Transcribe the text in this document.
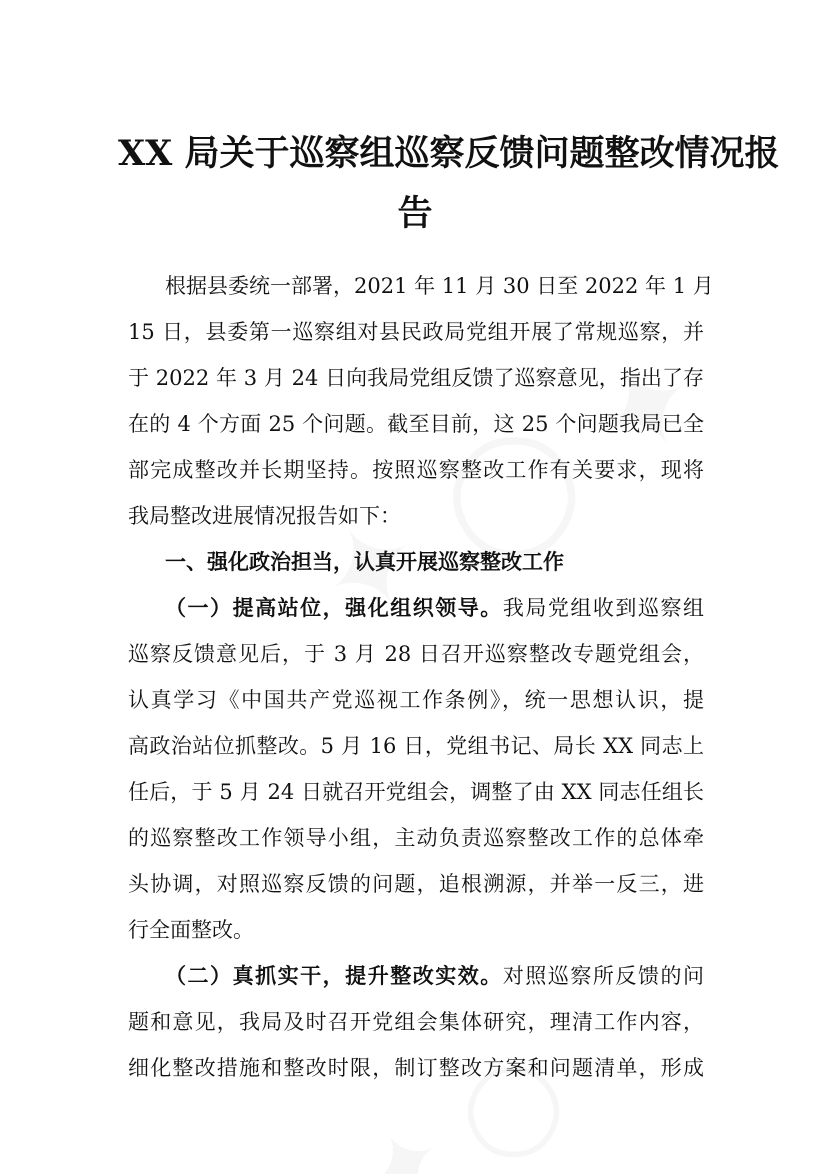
XX 局关于巡察组巡察反馈问题整改情况报
告

根据县委统一部署，2021 年 11 月 30 日至 2022 年 1 月

15 日，县委第一巡察组对县民政局党组开展了常规巡察，并

于 2022 年 3 月 24 日向我局党组反馈了巡察意见，指出了存

在的 4 个方面 25 个问题。截至目前，这 25 个问题我局已全

部完成整改并长期坚持。按照巡察整改工作有关要求，现将

我局整改进展情况报告如下：

一、强化政治担当，认真开展巡察整改工作

（一）提高站位，强化组织领导。我局党组收到巡察组

巡察反馈意见后，于 3 月 28 日召开巡察整改专题党组会，

认真学习《中国共产党巡视工作条例》，统一思想认识，提

高政治站位抓整改。5 月 16 日，党组书记、局长 XX 同志上

任后，于 5 月 24 日就召开党组会，调整了由 XX 同志任组长

的巡察整改工作领导小组，主动负责巡察整改工作的总体牵

头协调，对照巡察反馈的问题，追根溯源，并举一反三，进

行全面整改。

（二）真抓实干，提升整改实效。对照巡察所反馈的问

题和意见，我局及时召开党组会集体研究，理清工作内容，

细化整改措施和整改时限，制订整改方案和问题清单，形成
